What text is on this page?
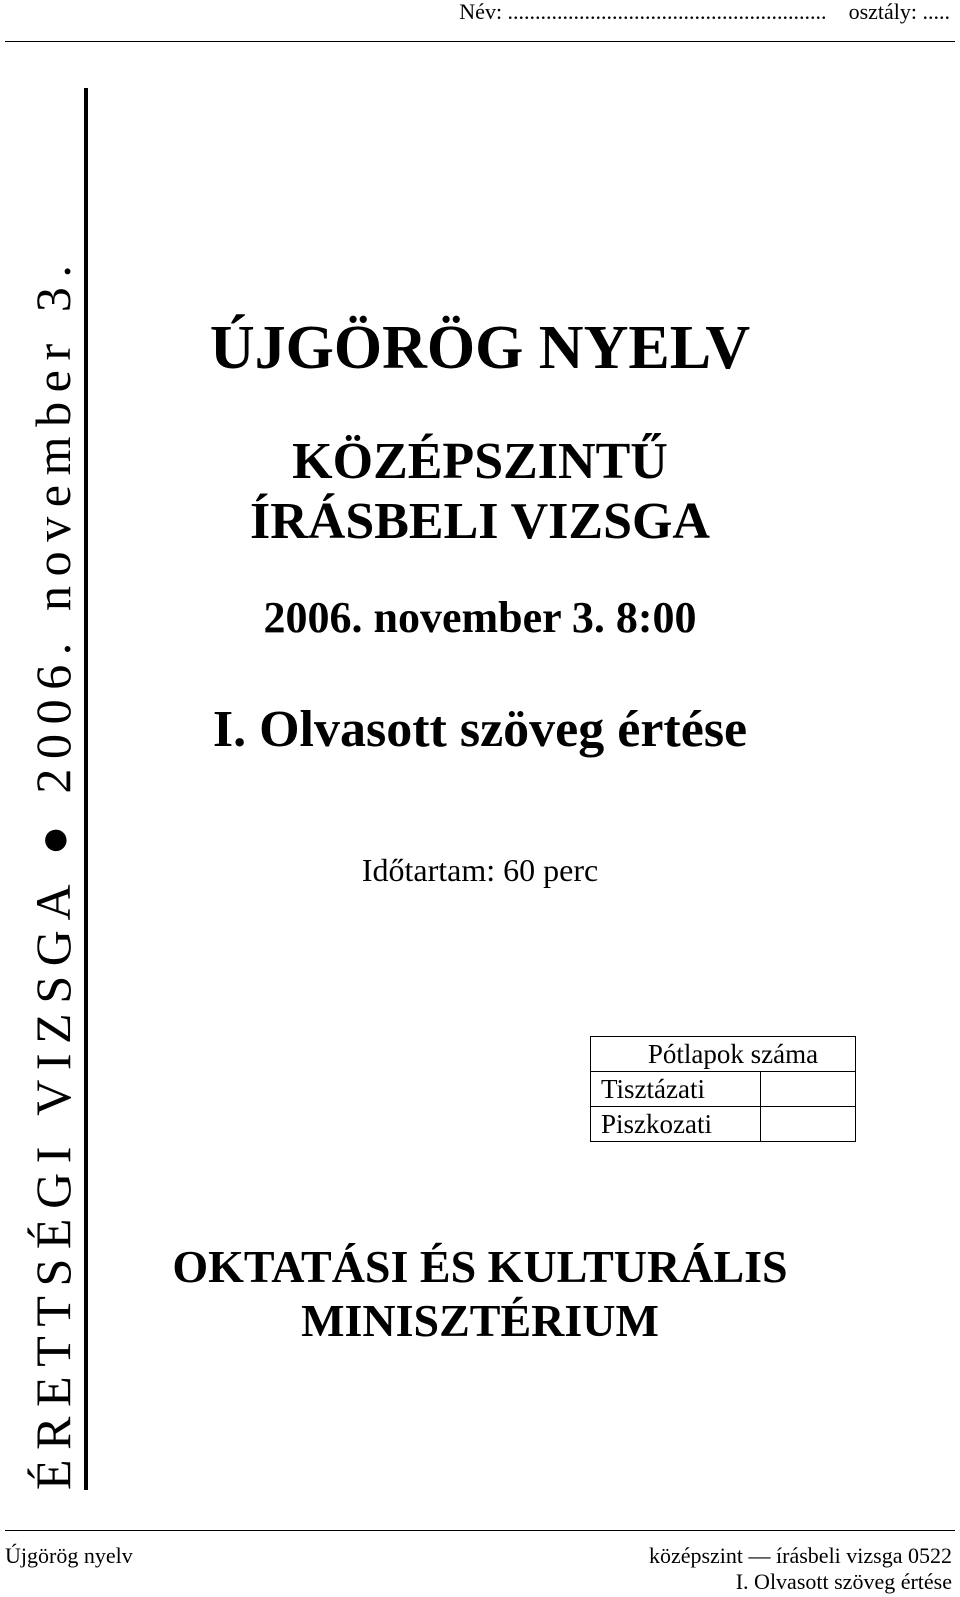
Név: .......................................................... osztály: .....
ÉRETTSÉGI VIZSGA ● 2006. november 3.	ÚJGÖRÖG NYELV
KÖZÉPSZINTŰ
ÍRÁSBELI VIZSGA
2006. november 3. 8:00
I. Olvasott szöveg értése
Időtartam: 60 perc
Pótlapok száma	
Tisztázati	
Piszkozati	
OKTATÁSI ÉS KULTURÁLIS
MINISZTÉRIUM
Újgörög nyelv	középszint — írásbeli vizsga 0522
I. Olvasott szöveg értése
